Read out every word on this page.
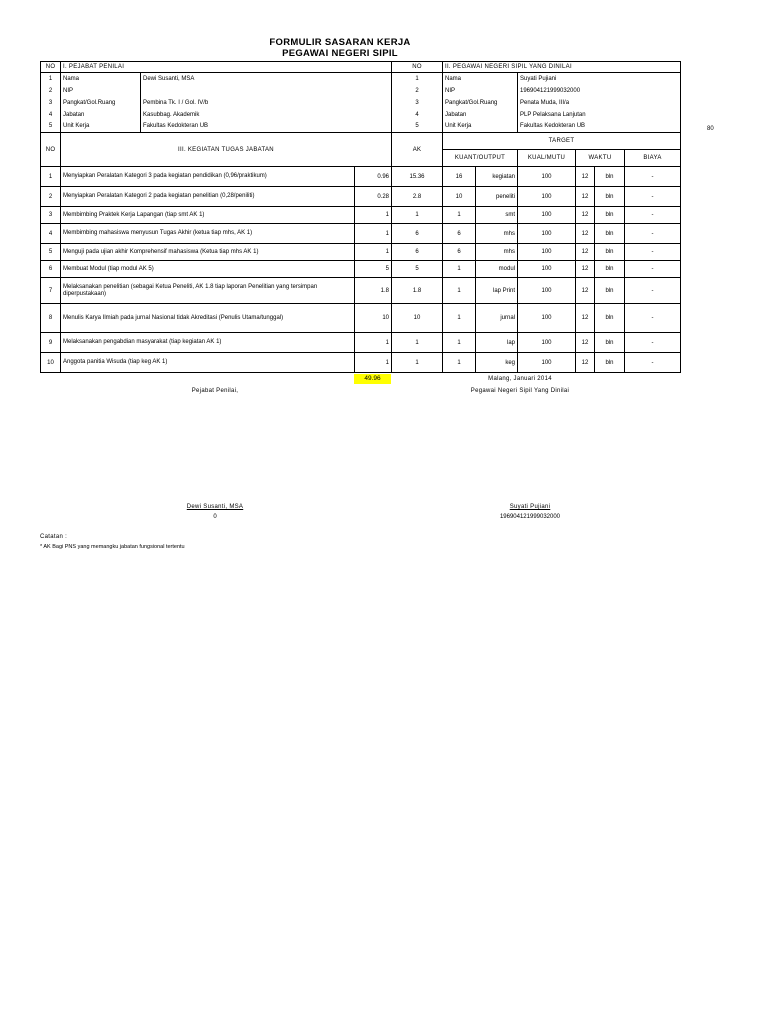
FORMULIR SASARAN KERJA
PEGAWAI NEGERI SIPIL
NO	I. PEJABAT PENILAI			NO	II. PEGAWAI NEGERI SIPIL YANG DINILAI					
1	Nama	Dewi Susanti, MSA		1	Nama		Suyati Pujiani			
2	NIP			2	NIP		196904121999032000			
3	Pangkat/Gol.Ruang	Pembina Tk. I / Gol. IV/b		3	Pangkat/Gol.Ruang		Penata Muda, III/a			
4	Jabatan	Kasubbag. Akademik		4	Jabatan		PLP Pelaksana Lanjutan			
5	Unit Kerja	Fakultas Kedokteran UB		5	Unit Kerja		Fakultas Kedokteran UB			
NO	III. KEGIATAN TUGAS JABATAN			AK	TARGET					
					KUANT/OUTPUT		KUAL/MUTU	WAKTU		BIAYA
1	Menyiapkan Peralatan Kategori 3 pada kegiatan pendidikan (0,96/praktikum)		0.96	15.36	16	kegiatan	100	12	bln	-
2	Menyiapkan Peralatan Kategori 2 pada kegiatan penelitian (0,28/peniliti)		0.28	2.8	10	peneliti	100	12	bln	-
3	Membimbing Praktek Kerja Lapangan (tiap smt AK 1)		1	1	1	smt	100	12	bln	-
4	Membimbing mahasiswa menyusun Tugas Akhir (ketua tiap mhs, AK 1)		1	6	6	mhs	100	12	bln	-
5	Menguji pada ujian akhir Komprehensif mahasiswa (Ketua tiap mhs AK 1)		1	6	6	mhs	100	12	bln	-
6	Membuat Modul (tiap modul AK 5)		5	5	1	modul	100	12	bln	-
7	Melaksanakan penelitian (sebagai Ketua Peneliti, AK 1.8 tiap laporan Penelitian yang tersimpan diperpustakaan)		1.8	1.8	1	lap Print	100	12	bln	-
8	Menulis Karya Ilmiah pada jurnal Nasional tidak Akreditasi (Penulis Utama/tunggal)		10	10	1	jurnal	100	12	bln	-
9	Melaksanakan pengabdian masyarakat (tiap kegiatan AK 1)		1	1	1	lap	100	12	bln	-
10	Anggota panitia Wisuda (tiap keg AK 1)		1	1	1	keg	100	12	bln	-
80
49.96	Malang, Januari 2014
Pejabat Penilai,	Pegawai Negeri Sipil Yang Dinilai
Dewi Susanti, MSA
0
Suyati Pujiani
196904121999032000
Catatan :
* AK Bagi PNS yang memangku jabatan fungsional tertentu
